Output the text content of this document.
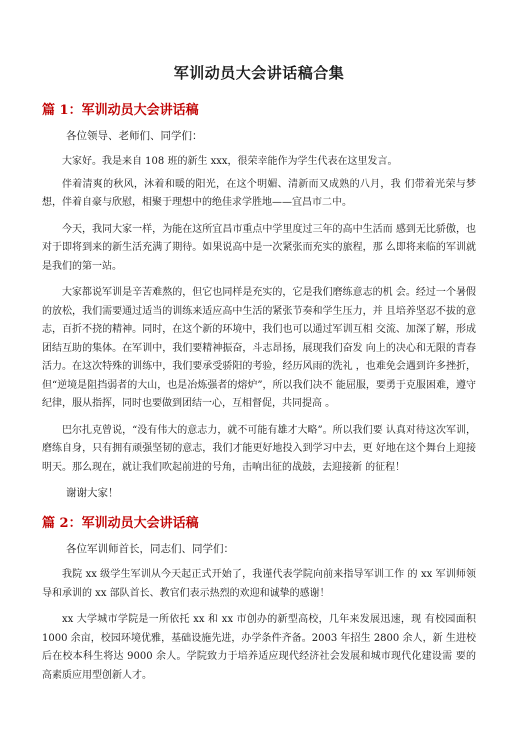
军训动员大会讲话稿合集
篇 1：军训动员大会讲话稿

各位领导、老师们、同学们：

大家好。我是来自 108 班的新生 xxx，很荣幸能作为学生代表在这里发言。

伴着清爽的秋风，沐着和暖的阳光，在这个明媚、清新而又成熟的八月，我 们带着光荣与梦想，伴着自豪与欣慰，相聚于理想中的绝佳求学胜地——宜昌市二中。

今天，我同大家一样，为能在这所宜昌市重点中学里度过三年的高中生活而 感到无比骄傲，也对于即将到来的新生活充满了期待。如果说高中是一次紧张而充实的旅程，那 么即将来临的军训就是我们的第一站。

大家都说军训是辛苦难熬的，但它也同样是充实的，它是我们磨练意志的机 会。经过一个暑假的放松，我们需要通过适当的训练来适应高中生活的紧张节奏和学生压力，并 且培养坚忍不拔的意志，百折不挠的精神。同时，在这个新的环境中，我们也可以通过军训互相 交流、加深了解，形成团结互助的集体。在军训中，我们要精神振奋，斗志昂扬，展现我们奋发 向上的决心和无限的青春活力。在这次特殊的训练中，我们要承受骄阳的考验，经历风雨的洗礼 ，也难免会遇到许多挫折，但“逆境是阻挡弱者的大山，也是冶炼强者的熔炉”，所以我们决不 能屈服，要勇于克服困难，遵守纪律，服从指挥，同时也要做到团结一心，互相督促，共同提高 。

巴尔扎克曾说，“没有伟大的意志力，就不可能有雄才大略”。所以我们要 认真对待这次军训，磨练自身，只有拥有顽强坚韧的意志，我们才能更好地投入到学习中去，更 好地在这个舞台上迎接明天。那么现在，就让我们吹起前进的号角，击响出征的战鼓，去迎接新 的征程！

谢谢大家！

篇 2：军训动员大会讲话稿

各位军训师首长，同志们、同学们：

我院 xx 级学生军训从今天起正式开始了，我谨代表学院向前来指导军训工作 的 xx 军训师领导和承训的 xx 部队首长、教官们表示热烈的欢迎和诚挚的感谢！

xx 大学城市学院是一所依托 xx 和 xx 市创办的新型高校，几年来发展迅速，现 有校园面积 1000 余亩，校园环境优雅，基础设施先进，办学条件齐备。2003 年招生 2800 余人，新 生进校后在校本科生将达 9000 余人。学院致力于培养适应现代经济社会发展和城市现代化建设需 要的高素质应用型创新人才。
